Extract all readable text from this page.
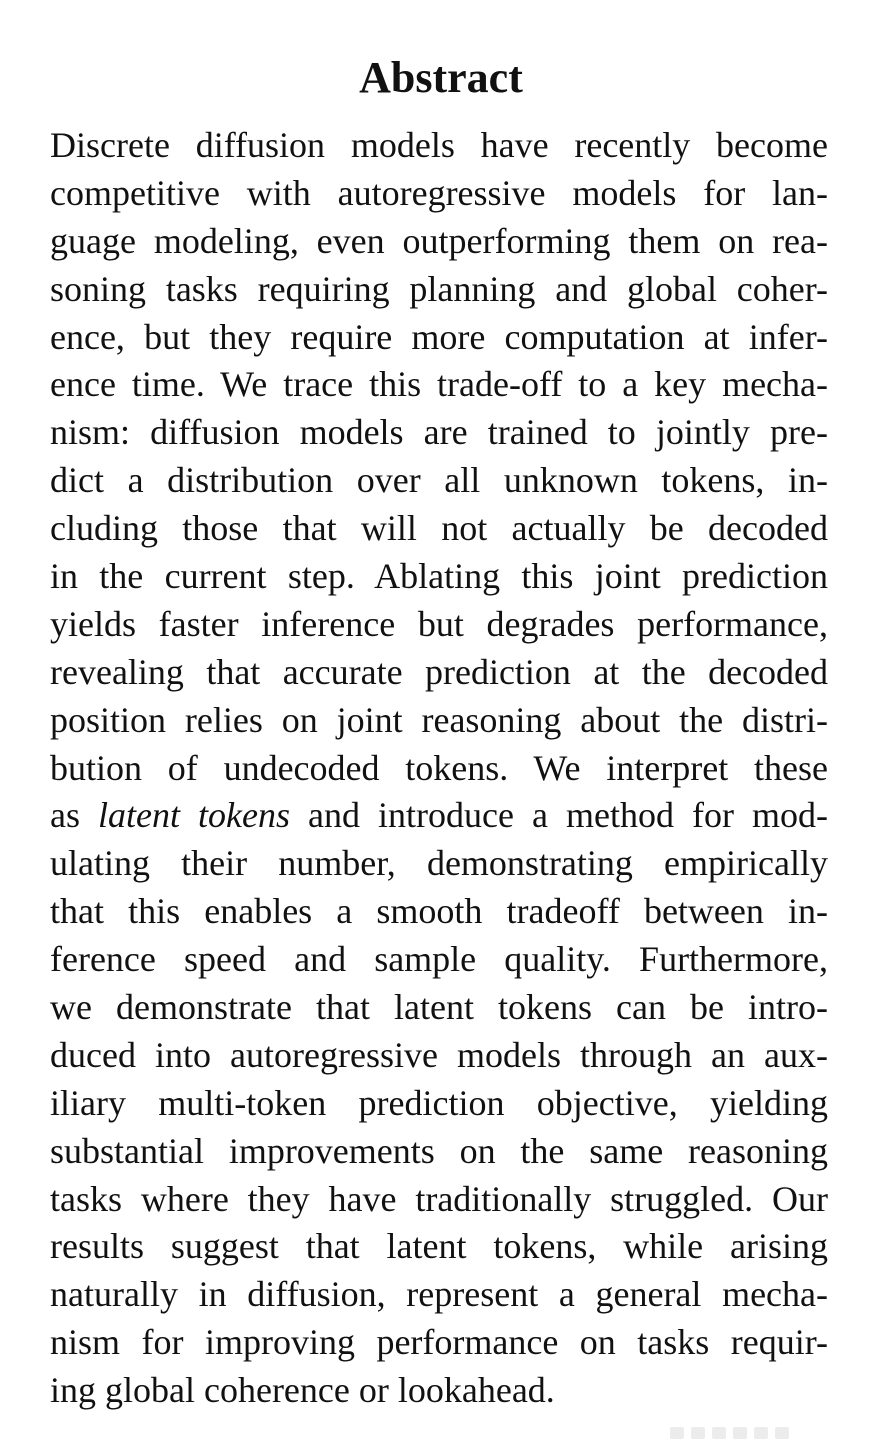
Abstract
Discrete diffusion models have recently become
competitive with autoregressive models for lan-
guage modeling, even outperforming them on rea-
soning tasks requiring planning and global coher-
ence, but they require more computation at infer-
ence time. We trace this trade-off to a key mecha-
nism: diffusion models are trained to jointly pre-
dict a distribution over all unknown tokens, in-
cluding those that will not actually be decoded
in the current step. Ablating this joint prediction
yields faster inference but degrades performance,
revealing that accurate prediction at the decoded
position relies on joint reasoning about the distri-
bution of undecoded tokens. We interpret these
as latent tokens and introduce a method for mod-
ulating their number, demonstrating empirically
that this enables a smooth tradeoff between in-
ference speed and sample quality. Furthermore,
we demonstrate that latent tokens can be intro-
duced into autoregressive models through an aux-
iliary multi-token prediction objective, yielding
substantial improvements on the same reasoning
tasks where they have traditionally struggled. Our
results suggest that latent tokens, while arising
naturally in diffusion, represent a general mecha-
nism for improving performance on tasks requir-
ing global coherence or lookahead.
